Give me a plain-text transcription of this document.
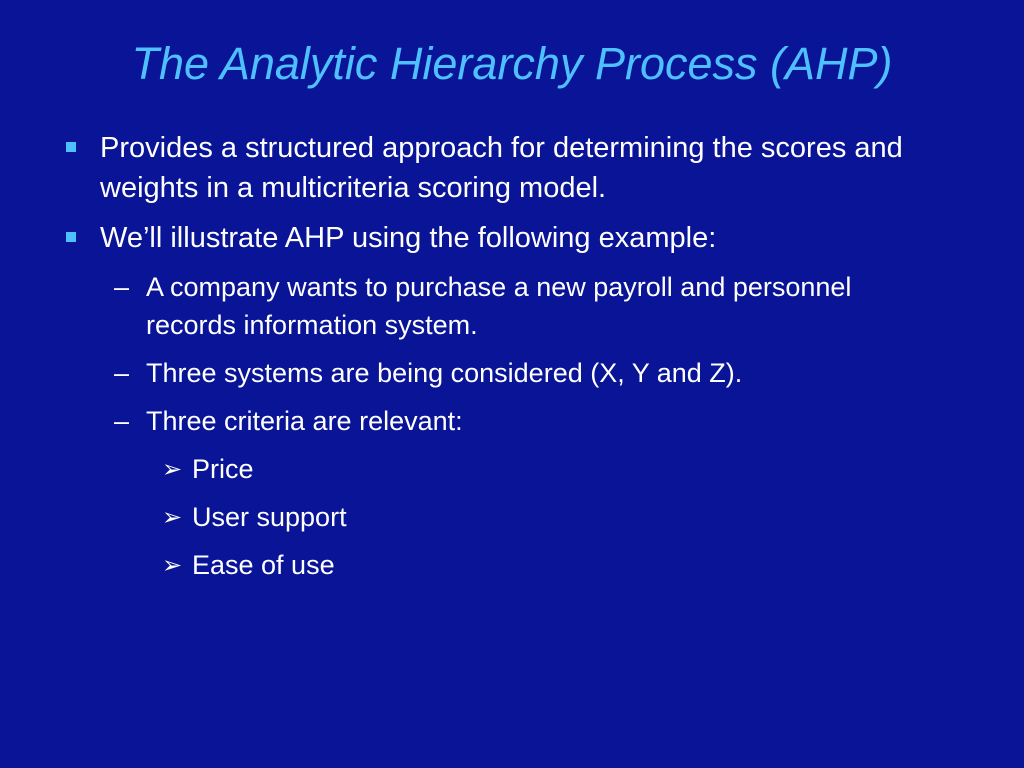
The Analytic Hierarchy Process (AHP)
Provides a structured approach for determining the scores and weights in a multicriteria scoring model.
We’ll illustrate AHP using the following example:
– A company wants to purchase a new payroll and personnel records information system.
– Three systems are being considered (X, Y and Z).
– Three criteria are relevant:
➢ Price
➢ User support
➢ Ease of use
